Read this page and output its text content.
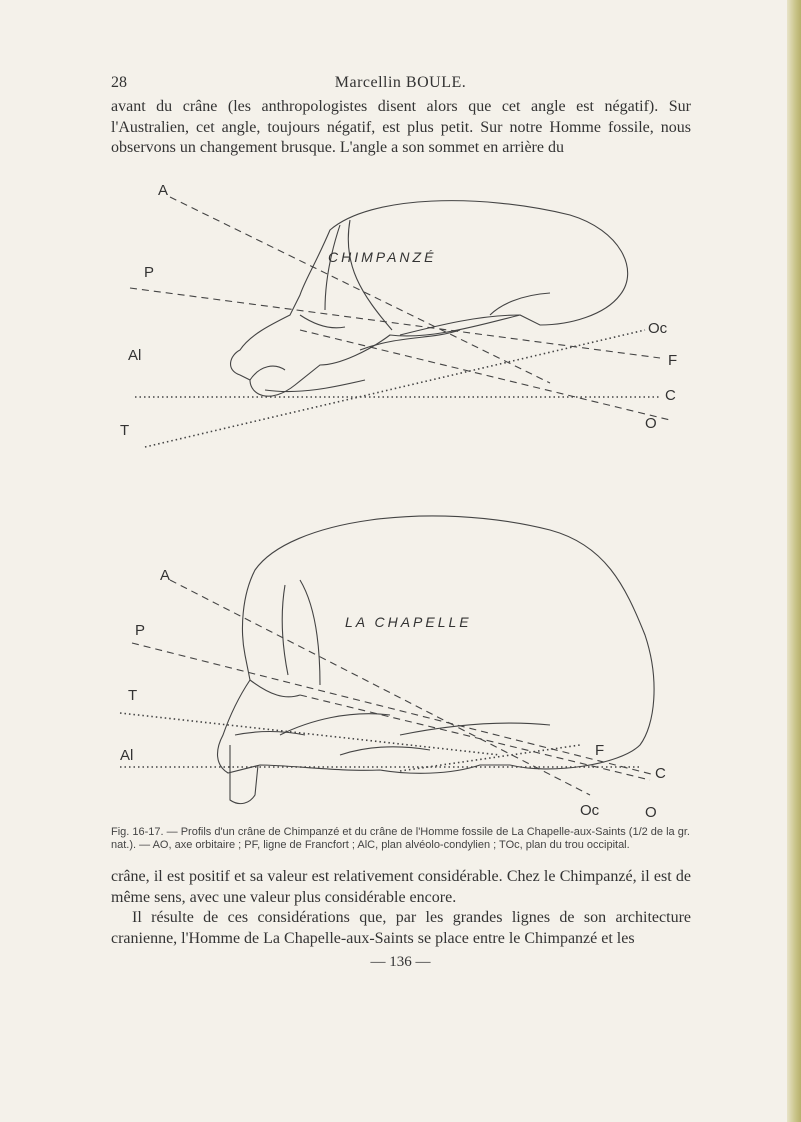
28	Marcellin BOULE.

avant du crâne (les anthropologistes disent alors que cet angle est négatif). Sur l'Australien, cet angle, toujours négatif, est plus petit. Sur notre Homme fossile, nous observons un changement brusque. L'angle a son sommet en arrière du

A
P
Al
T
Oc
F
C
O
CHIMPANZÉ
A
P
T
Al	F
C
Oc	O
LA CHAPELLE
Fig. 16-17. — Profils d'un crâne de Chimpanzé et du crâne de l'Homme fossile de La Chapelle-aux-Saints (1/2 de la gr. nat.). — AO, axe orbitaire ; PF, ligne de Francfort ; AlC, plan alvéolo-condylien ; TOc, plan du trou occipital.

crâne, il est positif et sa valeur est relativement considérable. Chez le Chimpanzé, il est de même sens, avec une valeur plus considérable encore.

Il résulte de ces considérations que, par les grandes lignes de son architecture cranienne, l'Homme de La Chapelle-aux-Saints se place entre le Chimpanzé et les

— 136 —
